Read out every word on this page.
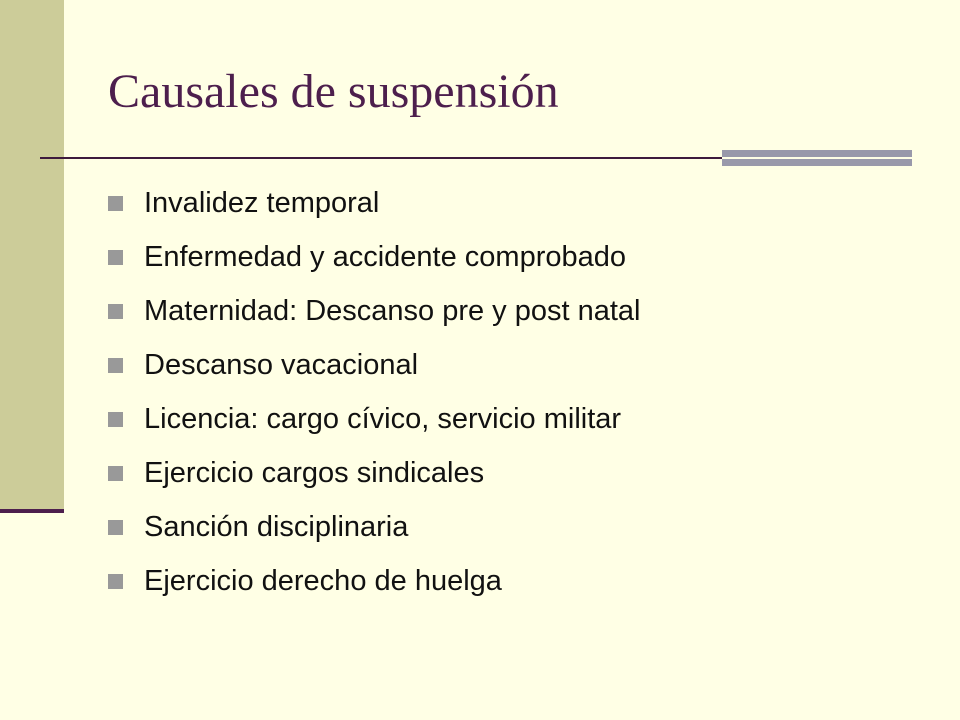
Causales de suspensión
Invalidez temporal
Enfermedad y accidente comprobado
Maternidad: Descanso pre y post natal
Descanso vacacional
Licencia: cargo cívico, servicio militar
Ejercicio cargos sindicales
Sanción disciplinaria
Ejercicio derecho de huelga
